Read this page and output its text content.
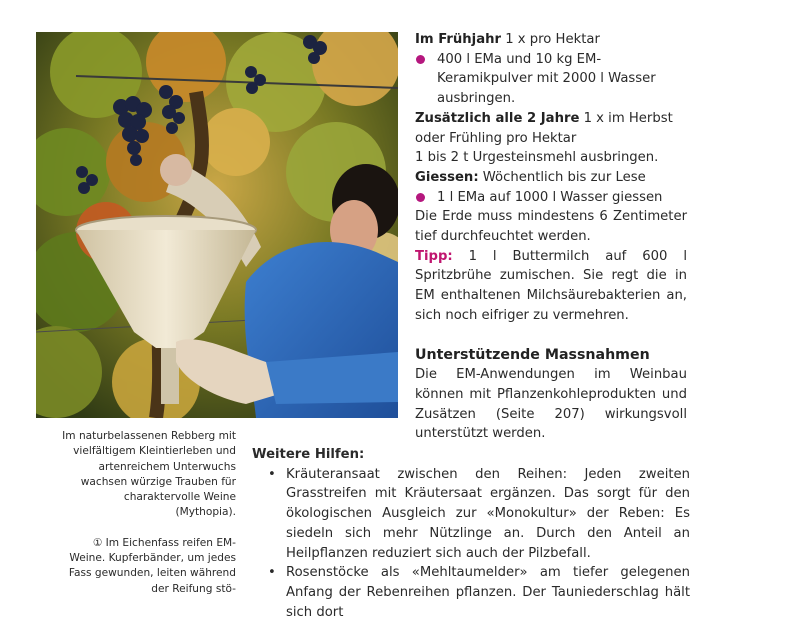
Im Frühjahr 1 x pro Hektar

400 l EMa und 10 kg EM-Keramikpulver mit 2000 l Wasser ausbringen.

Zusätzlich alle 2 Jahre 1 x im Herbst oder Frühling pro Hektar

1 bis 2 t Urgesteinsmehl ausbringen.

Giessen: Wöchentlich bis zur Lese

1 l EMa auf 1000 l Wasser giessen

Die Erde muss mindestens 6 Zentimeter tief durchfeuchtet werden.

Tipp: 1 l Buttermilch auf 600 l Spritzbrühe zumischen. Sie regt die in EM enthaltenen Milchsäurebakterien an, sich noch eifriger zu vermehren.

Unterstützende Massnahmen

Die EM-Anwendungen im Weinbau können mit Pflanzenkohleprodukten und Zusätzen (Seite 207) wirkungsvoll unterstützt werden.

Im naturbelassenen Rebberg mit vielfältigem Kleintierleben und artenreichem Unterwuchs wachsen würzige Trauben für charaktervolle Weine (Mythopia).

① Im Eichenfass reifen EM-Weine. Kupferbänder, um jedes Fass gewunden, leiten während der Reifung stö-

Weitere Hilfen:

• Kräuteransaat zwischen den Reihen: Jeden zweiten Grasstreifen mit Kräutersaat ergänzen. Das sorgt für den ökologischen Ausgleich zur «Monokultur» der Reben: Es siedeln sich mehr Nützlinge an. Durch den Anteil an Heilpflanzen reduziert sich auch der Pilzbefall.
• Rosenstöcke als «Mehltaumelder» am tiefer gelegenen Anfang der Rebenreihen pflanzen. Der Tauniederschlag hält sich dort
